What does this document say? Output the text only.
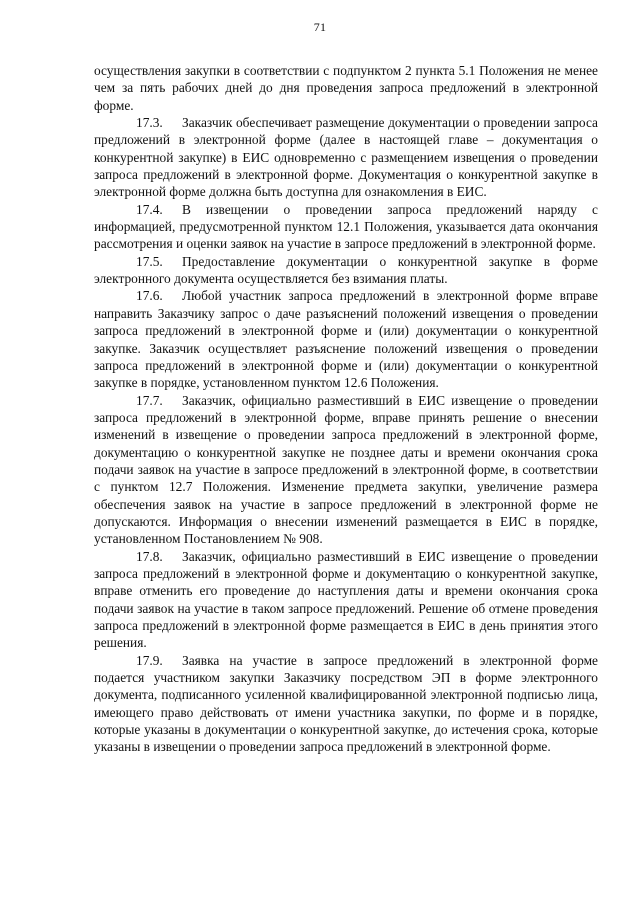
71

осуществления закупки в соответствии с подпунктом 2 пункта 5.1 Положения не менее чем за пять рабочих дней до дня проведения запроса предложений в электронной форме.

17.3. Заказчик обеспечивает размещение документации о проведении запроса предложений в электронной форме (далее в настоящей главе – документация о конкурентной закупке) в ЕИС одновременно с размещением извещения о проведении запроса предложений в электронной форме. Документация о конкурентной закупке в электронной форме должна быть доступна для ознакомления в ЕИС.

17.4. В извещении о проведении запроса предложений наряду с информацией, предусмотренной пунктом 12.1 Положения, указывается дата окончания рассмотрения и оценки заявок на участие в запросе предложений в электронной форме.

17.5. Предоставление документации о конкурентной закупке в форме электронного документа осуществляется без взимания платы.

17.6. Любой участник запроса предложений в электронной форме вправе направить Заказчику запрос о даче разъяснений положений извещения о проведении запроса предложений в электронной форме и (или) документации о конкурентной закупке. Заказчик осуществляет разъяснение положений извещения о проведении запроса предложений в электронной форме и (или) документации о конкурентной закупке в порядке, установленном пунктом 12.6 Положения.

17.7. Заказчик, официально разместивший в ЕИС извещение о проведении запроса предложений в электронной форме, вправе принять решение о внесении изменений в извещение о проведении запроса предложений в электронной форме, документацию о конкурентной закупке не позднее даты и времени окончания срока подачи заявок на участие в запросе предложений в электронной форме, в соответствии с пунктом 12.7 Положения. Изменение предмета закупки, увеличение размера обеспечения заявок на участие в запросе предложений в электронной форме не допускаются. Информация о внесении изменений размещается в ЕИС в порядке, установленном Постановлением № 908.

17.8. Заказчик, официально разместивший в ЕИС извещение о проведении запроса предложений в электронной форме и документацию о конкурентной закупке, вправе отменить его проведение до наступления даты и времени окончания срока подачи заявок на участие в таком запросе предложений. Решение об отмене проведения запроса предложений в электронной форме размещается в ЕИС в день принятия этого решения.

17.9. Заявка на участие в запросе предложений в электронной форме подается участником закупки Заказчику посредством ЭП в форме электронного документа, подписанного усиленной квалифицированной электронной подписью лица, имеющего право действовать от имени участника закупки, по форме и в порядке, которые указаны в документации о конкурентной закупке, до истечения срока, которые указаны в извещении о проведении запроса предложений в электронной форме.
